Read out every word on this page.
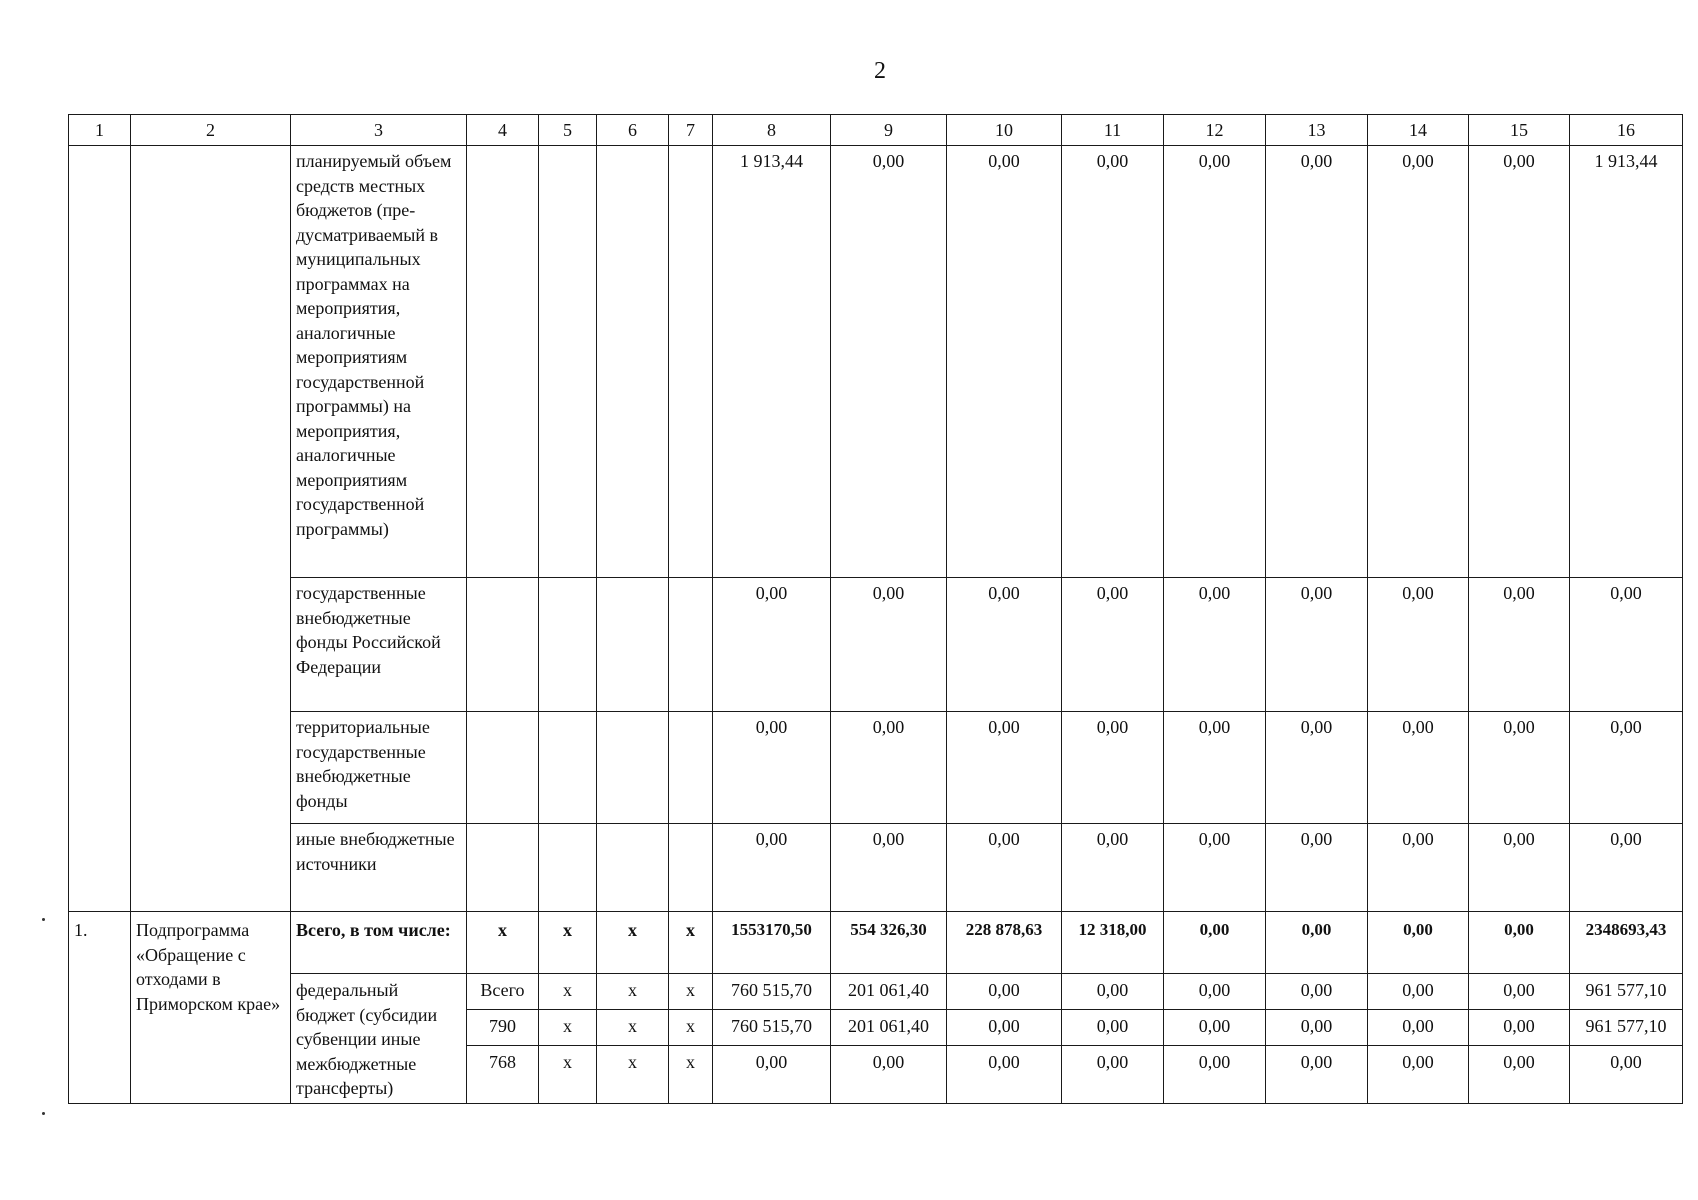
2
1	2	3	4	5	6	7	8	9	10	11	12	13	14	15	16
		планируемый объем средств местных бюджетов (предусматриваемый в муниципальных программах на мероприятия, аналогичные мероприятиям государственной программы) на мероприятия, аналогичные мероприятиям государственной программы)					1 913,44	0,00	0,00	0,00	0,00	0,00	0,00	0,00	1 913,44
		государственные внебюджетные фонды Российской Федерации					0,00	0,00	0,00	0,00	0,00	0,00	0,00	0,00	0,00
		территориальные государственные внебюджетные фонды					0,00	0,00	0,00	0,00	0,00	0,00	0,00	0,00	0,00
		иные внебюджетные источники					0,00	0,00	0,00	0,00	0,00	0,00	0,00	0,00	0,00
1.	Подпрограмма «Обращение с отходами в Приморском крае»	Всего, в том числе:	x	x	x	x	1553170,50	554 326,30	228 878,63	12 318,00	0,00	0,00	0,00	0,00	2348693,43
		федеральный бюджет (субсидии субвенции иные межбюджетные трансферты)	Всего	x	x	x	760 515,70	201 061,40	0,00	0,00	0,00	0,00	0,00	0,00	961 577,10
			790	x	x	x	760 515,70	201 061,40	0,00	0,00	0,00	0,00	0,00	0,00	961 577,10
			768	x	x	x	0,00	0,00	0,00	0,00	0,00	0,00	0,00	0,00	0,00
